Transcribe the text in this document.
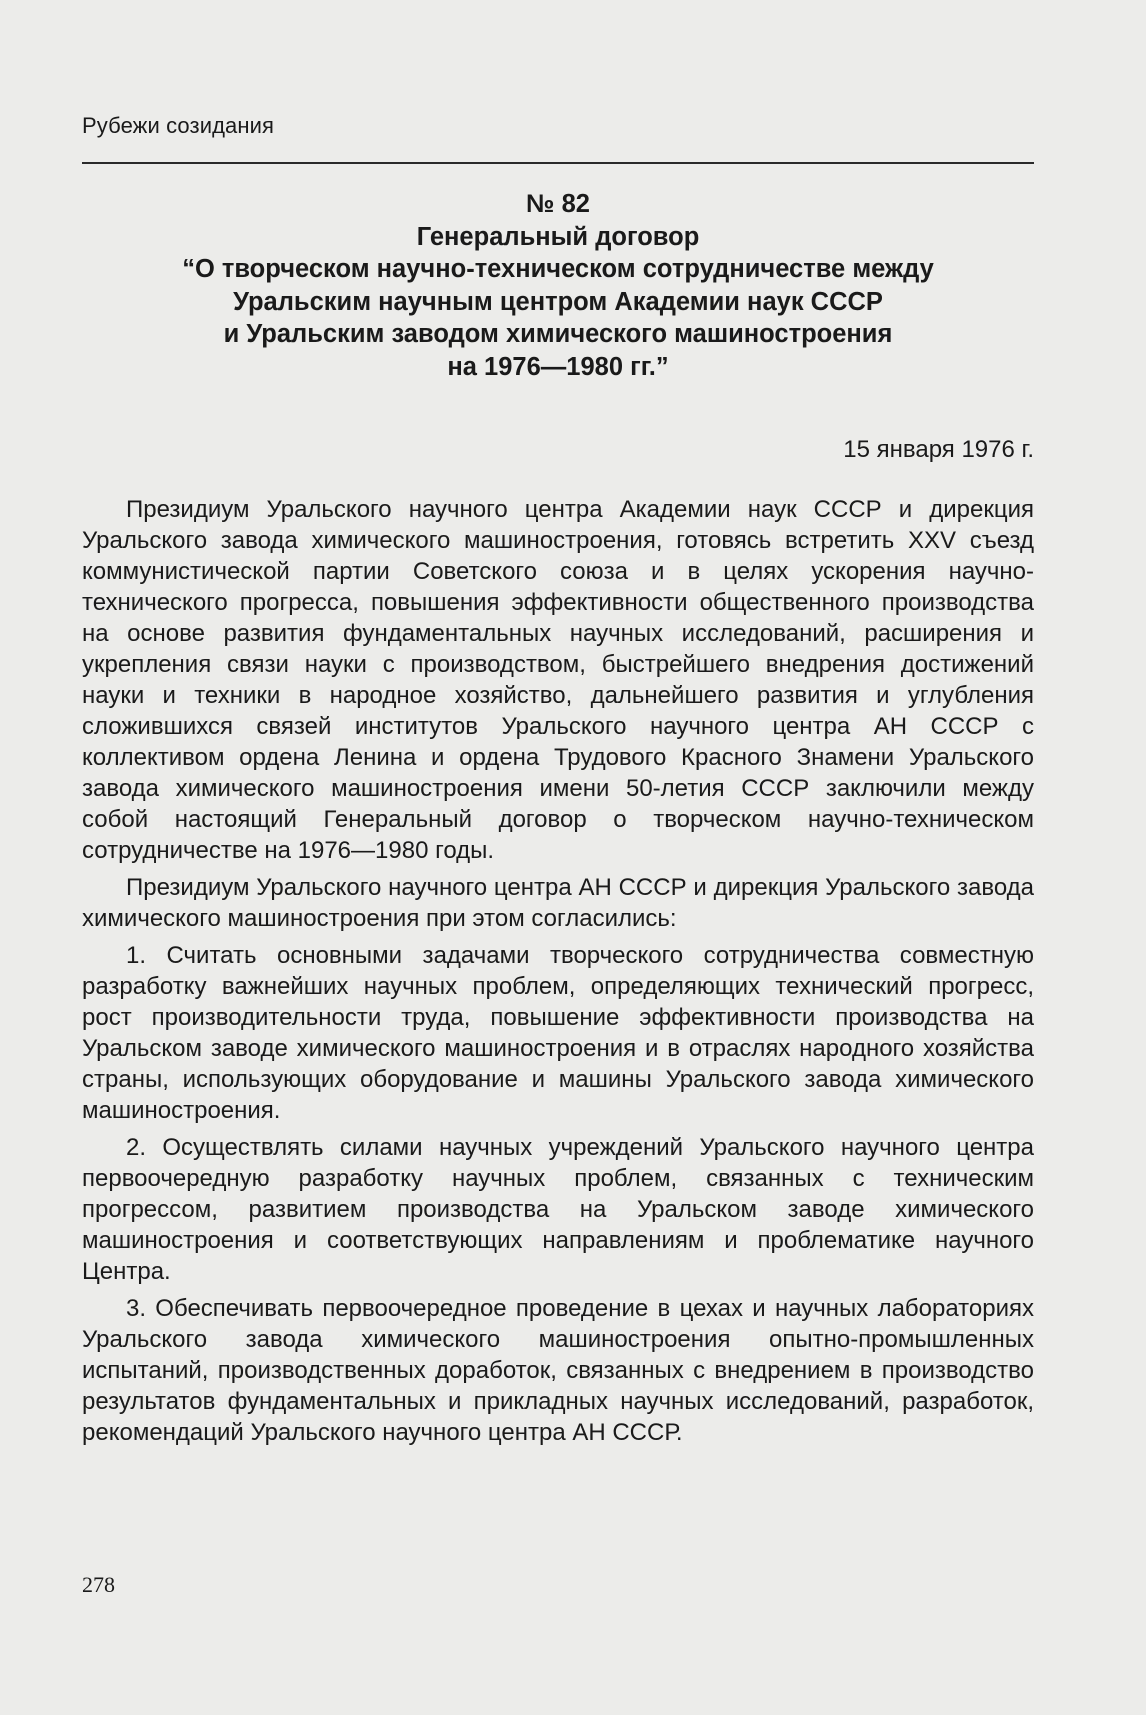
Рубежи созидания
№ 82
Генеральный договор
“О творческом научно-техническом сотрудничестве между
Уральским научным центром Академии наук СССР
и Уральским заводом химического машиностроения
на 1976—1980 гг.”
15 января 1976 г.

Президиум Уральского научного центра Академии наук СССР и дирекция Уральского завода химического машиностроения, готовясь встретить XXV съезд коммунистической партии Советского союза и в целях ускорения научно-технического прогресса, повышения эффективности общественного производства на основе развития фундаментальных научных исследований, расширения и укрепления связи науки с производством, быстрейшего внедрения достижений науки и техники в народное хозяйство, дальнейшего развития и углубления сложившихся связей институтов Уральского научного центра АН СССР с коллективом ордена Ленина и ордена Трудового Красного Знамени Уральского завода химического машиностроения имени 50-летия СССР заключили между собой настоящий Генеральный договор о творческом научно-техническом сотрудничестве на 1976—1980 годы.

Президиум Уральского научного центра АН СССР и дирекция Уральского завода химического машиностроения при этом согласились:

1. Считать основными задачами творческого сотрудничества совместную разработку важнейших научных проблем, определяющих технический прогресс, рост производительности труда, повышение эффективности производства на Уральском заводе химического машиностроения и в отраслях народного хозяйства страны, использующих оборудование и машины Уральского завода химического машиностроения.

2. Осуществлять силами научных учреждений Уральского научного центра первоочередную разработку научных проблем, связанных с техническим прогрессом, развитием производства на Уральском заводе химического машиностроения и соответствующих направлениям и проблематике научного Центра.

3. Обеспечивать первоочередное проведение в цехах и научных лабораториях Уральского завода химического машиностроения опытно-промышленных испытаний, производственных доработок, связанных с внедрением в производство результатов фундаментальных и прикладных научных исследований, разработок, рекомендаций Уральского научного центра АН СССР.

278
